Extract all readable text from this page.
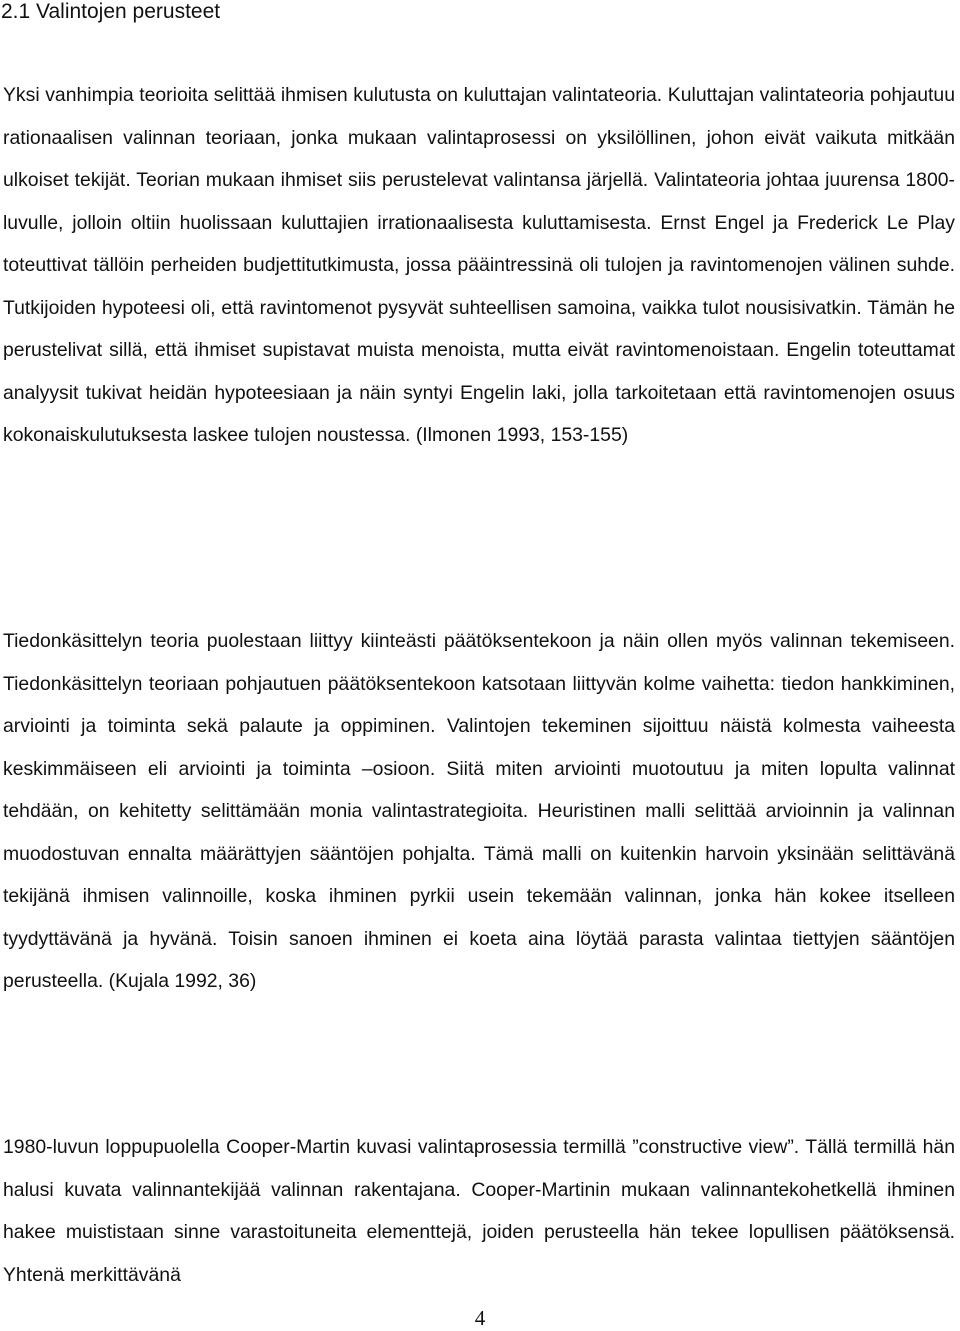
2.1 Valintojen perusteet

Yksi vanhimpia teorioita selittää ihmisen kulutusta on kuluttajan valintateoria. Kuluttajan valintateoria pohjautuu rationaalisen valinnan teoriaan, jonka mukaan valintaprosessi on yksilöllinen, johon eivät vaikuta mitkään ulkoiset tekijät. Teorian mukaan ihmiset siis perustelevat valintansa järjellä. Valintateoria johtaa juurensa 1800-luvulle, jolloin oltiin huolissaan kuluttajien irrationaalisesta kuluttamisesta. Ernst Engel ja Frederick Le Play toteuttivat tällöin perheiden budjettitutkimusta, jossa pääintressinä oli tulojen ja ravintomenojen välinen suhde. Tutkijoiden hypoteesi oli, että ravintomenot pysyvät suhteellisen samoina, vaikka tulot nousisivatkin. Tämän he perustelivat sillä, että ihmiset supistavat muista menoista, mutta eivät ravintomenoistaan. Engelin toteuttamat analyysit tukivat heidän hypoteesiaan ja näin syntyi Engelin laki, jolla tarkoitetaan että ravintomenojen osuus kokonaiskulutuksesta laskee tulojen noustessa. (Ilmonen 1993, 153-155)

Tiedonkäsittelyn teoria puolestaan liittyy kiinteästi päätöksentekoon ja näin ollen myös valinnan tekemiseen. Tiedonkäsittelyn teoriaan pohjautuen päätöksentekoon katsotaan liittyvän kolme vaihetta: tiedon hankkiminen, arviointi ja toiminta sekä palaute ja oppiminen. Valintojen tekeminen sijoittuu näistä kolmesta vaiheesta keskimmäiseen eli arviointi ja toiminta –osioon. Siitä miten arviointi muotoutuu ja miten lopulta valinnat tehdään, on kehitetty selittämään monia valintastrategioita. Heuristinen malli selittää arvioinnin ja valinnan muodostuvan ennalta määrättyjen sääntöjen pohjalta. Tämä malli on kuitenkin harvoin yksinään selittävänä tekijänä ihmisen valinnoille, koska ihminen pyrkii usein tekemään valinnan, jonka hän kokee itselleen tyydyttävänä ja hyvänä. Toisin sanoen ihminen ei koeta aina löytää parasta valintaa tiettyjen sääntöjen perusteella. (Kujala 1992, 36)

1980-luvun loppupuolella Cooper-Martin kuvasi valintaprosessia termillä ”constructive view”. Tällä termillä hän halusi kuvata valinnantekijää valinnan rakentajana. Cooper-Martinin mukaan valinnantekohetkellä ihminen hakee muististaan sinne varastoituneita elementtejä, joiden perusteella hän tekee lopullisen päätöksensä. Yhtenä merkittävänä

4
